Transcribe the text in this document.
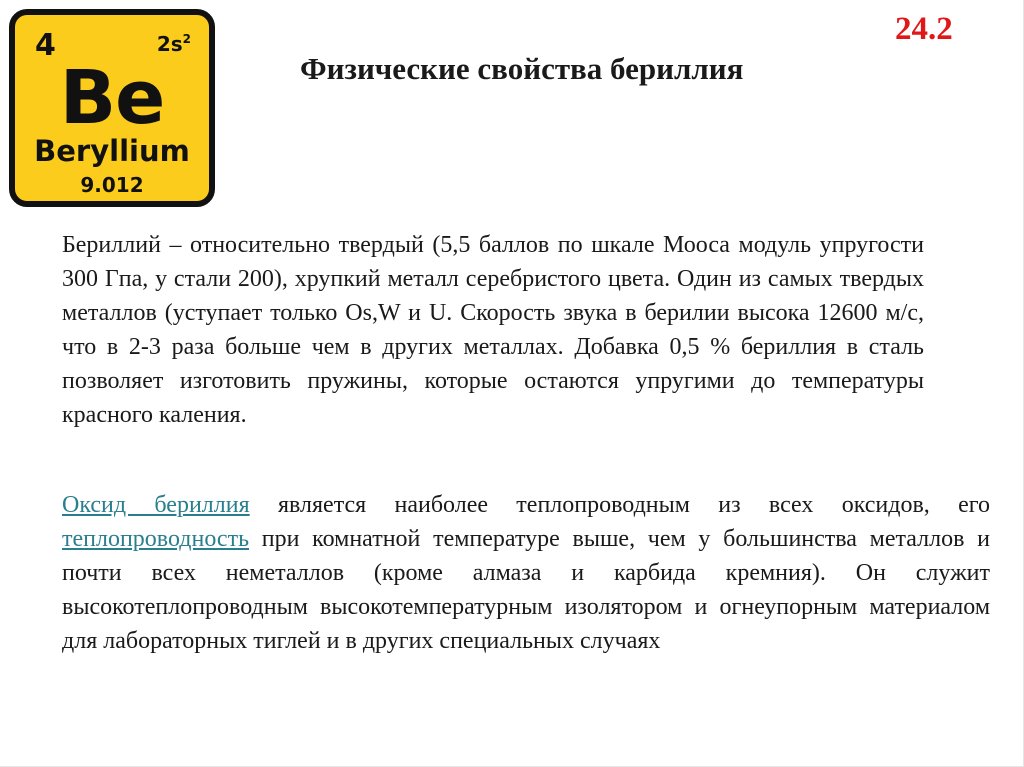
4	$2s^2$
Be
Beryllium
9.012
24.2
Физические свойства бериллия

Бериллий – относительно твердый (5,5 баллов по шкале Мооса модуль упругости 300 Гпа, у стали 200), хрупкий металл серебристого цвета. Один из самых твердых металлов (уступает только Os,W и U. Скорость звука в берилии высока 12600 м/с, что в 2-3 раза больше чем в других металлах. Добавка 0,5 % бериллия в сталь позволяет изготовить пружины, которые остаются упругими до температуры красного каления.

Оксид бериллия является наиболее теплопроводным из всех оксидов, его теплопроводность при комнатной температуре выше, чем у большинства металлов и почти всех неметаллов (кроме алмаза и карбида кремния). Он служит высокотеплопроводным высокотемпературным изолятором и огнеупорным материалом для лабораторных тиглей и в других специальных случаях
